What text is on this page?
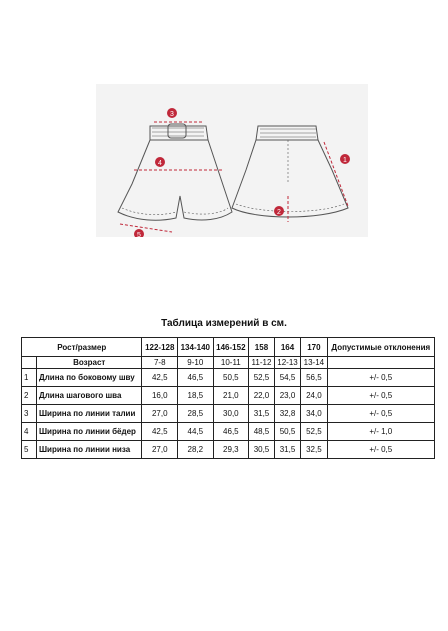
3
4
5
1
2
Таблица измерений в см.
Рост/размер		122-128	134-140	146-152	158	164	170	Допустимые отклонения
	Возраст	7-8	9-10	10-11	11-12	12-13	13-14	
1	Длина по боковому шву	42,5	46,5	50,5	52,5	54,5	56,5	+/- 0,5
2	Длина шагового шва	16,0	18,5	21,0	22,0	23,0	24,0	+/- 0,5
3	Ширина по линии талии	27,0	28,5	30,0	31,5	32,8	34,0	+/- 0,5
4	Ширина по линии бёдер	42,5	44,5	46,5	48,5	50,5	52,5	+/- 1,0
5	Ширина по линии низа	27,0	28,2	29,3	30,5	31,5	32,5	+/- 0,5
